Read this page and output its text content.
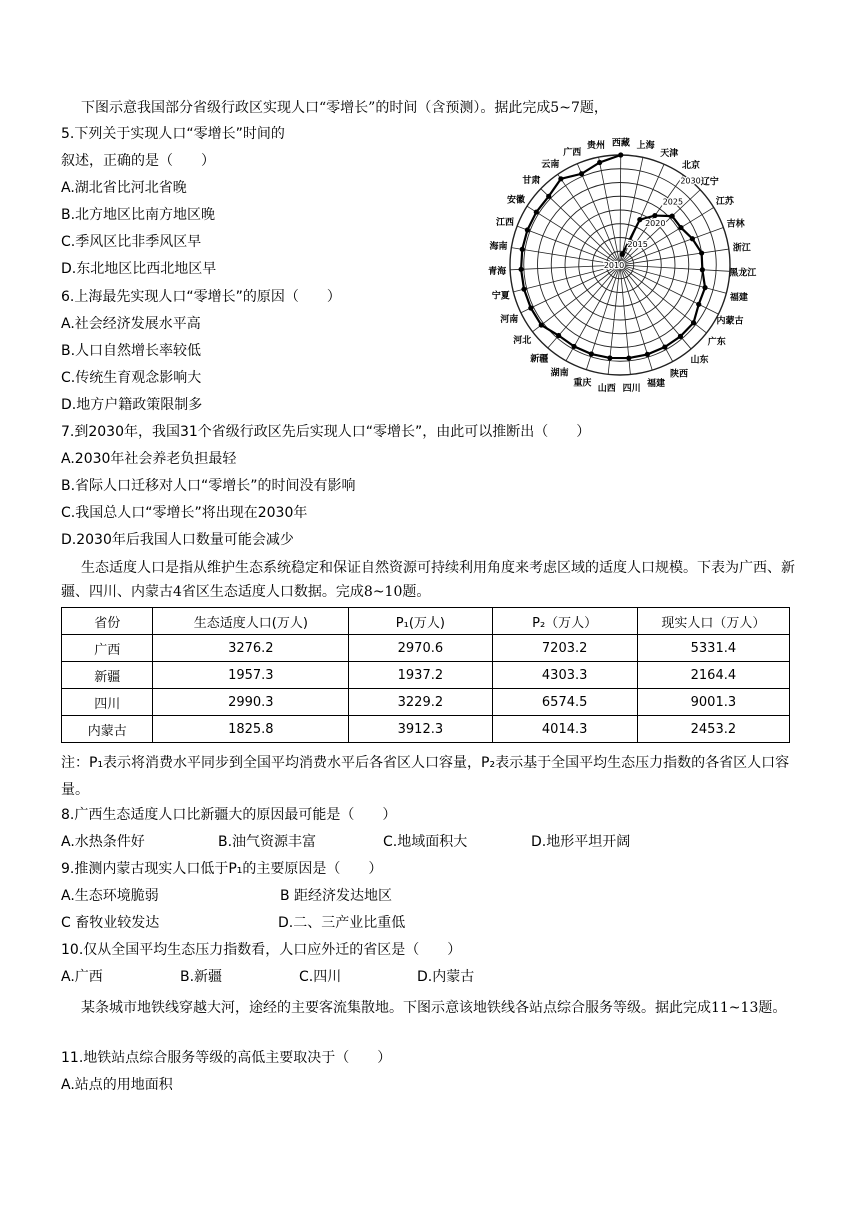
下图示意我国部分省级行政区实现人口“零增长”的时间（含预测）。据此完成5~7题，
5.下列关于实现人口“零增长”时间的
叙述，正确的是（　　）
A.湖北省比河北省晚
B.北方地区比南方地区晚
C.季风区比非季风区早
D.东北地区比西北地区早
6.上海最先实现人口“零增长”的原因（　　）
A.社会经济发展水平高
B.人口自然增长率较低
C.传统生育观念影响大
D.地方户籍政策限制多
上海
天津
北京
辽宁
江苏
吉林
浙江
黑龙江
福建
内蒙古
广东
山东
陕西
福建
四川
山西
重庆
湖南
新疆
河北
河南
宁夏
青海
海南
江西
安徽
甘肃
云南
广西
贵州 西藏
2010
2015
2020
2025
2030
7.到2030年，我国31个省级行政区先后实现人口“零增长”，由此可以推断出（　　）
A.2030年社会养老负担最轻
B.省际人口迁移对人口“零增长”的时间没有影响
C.我国总人口“零增长”将出现在2030年
D.2030年后我国人口数量可能会减少
生态适度人口是指从维护生态系统稳定和保证自然资源可持续利用角度来考虑区域的适度人口规模。下表为广西、新疆、四川、内蒙古4省区生态适度人口数据。完成8~10题。
省份	生态适度人口(万人)	P₁(万人)	P₂（万人）	现实人口（万人）
广西	3276.2	2970.6	7203.2	5331.4
新疆	1957.3	1937.2	4303.3	2164.4
四川	2990.3	3229.2	6574.5	9001.3
内蒙古	1825.8	3912.3	4014.3	2453.2
注：P₁表示将消费水平同步到全国平均消费水平后各省区人口容量，P₂表示基于全国平均生态压力指数的各省区人口容量。
8.广西生态适度人口比新疆大的原因最可能是（　　）
A.水热条件好	B.油气资源丰富	C.地域面积大	D.地形平坦开阔
9.推测内蒙古现实人口低于P₁的主要原因是（　　）
A.生态环境脆弱	B 距经济发达地区
C 畜牧业较发达	D.二、三产业比重低
10.仅从全国平均生态压力指数看，人口应外迁的省区是（　　）
A.广西	B.新疆	C.四川	D.内蒙古
某条城市地铁线穿越大河，途经的主要客流集散地。下图示意该地铁线各站点综合服务等级。据此完成11~13题。
11.地铁站点综合服务等级的高低主要取决于（　　）
A.站点的用地面积
